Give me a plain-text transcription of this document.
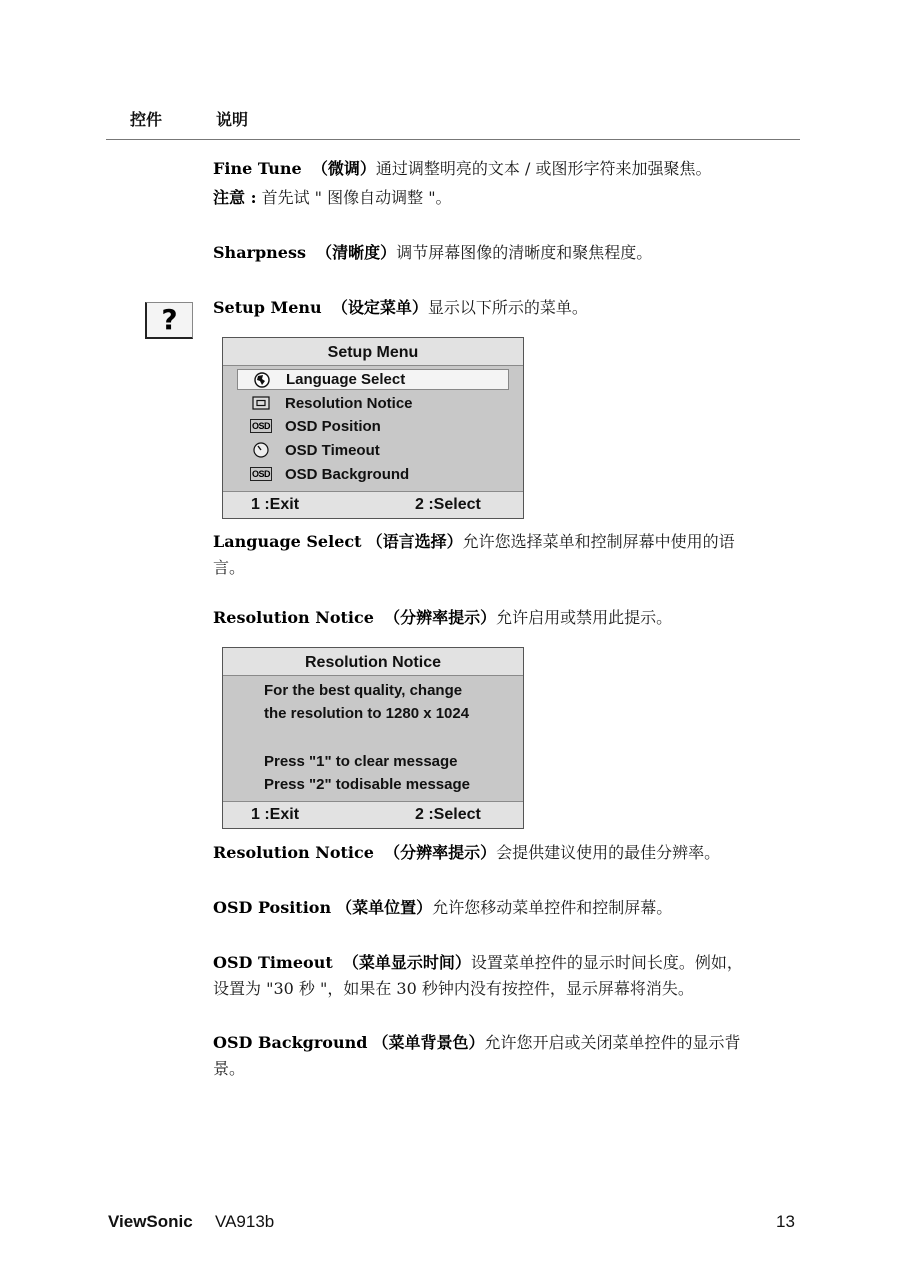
控件	说明
Fine Tune （微调）通过调整明亮的文本 / 或图形字符来加强聚焦。
注意 : 首先试 " 图像自动调整 "。
Sharpness （清晰度）调节屏幕图像的清晰度和聚焦程度。
?	Setup Menu （设定菜单）显示以下所示的菜单。
Setup Menu
Language Select
Resolution Notice
OSD OSD Position
OSD Timeout
OSD OSD Background
1 :Exit	2 :Select
Language Select （语言选择）允许您选择菜单和控制屏幕中使用的语
言。
Resolution Notice （分辨率提示）允许启用或禁用此提示。
Resolution Notice
For the best quality, change
the resolution to 1280 x 1024
Press "1" to clear message
Press "2" todisable message
1 :Exit	2 :Select
Resolution Notice （分辨率提示）会提供建议使用的最佳分辨率。
OSD Position （菜单位置）允许您移动菜单控件和控制屏幕。
OSD Timeout （菜单显示时间）设置菜单控件的显示时间长度。例如，
设置为 "30 秒 "，如果在 30 秒钟内没有按控件，显示屏幕将消失。
OSD Background （菜单背景色）允许您开启或关闭菜单控件的显示背
景。
ViewSonic VA913b	13
